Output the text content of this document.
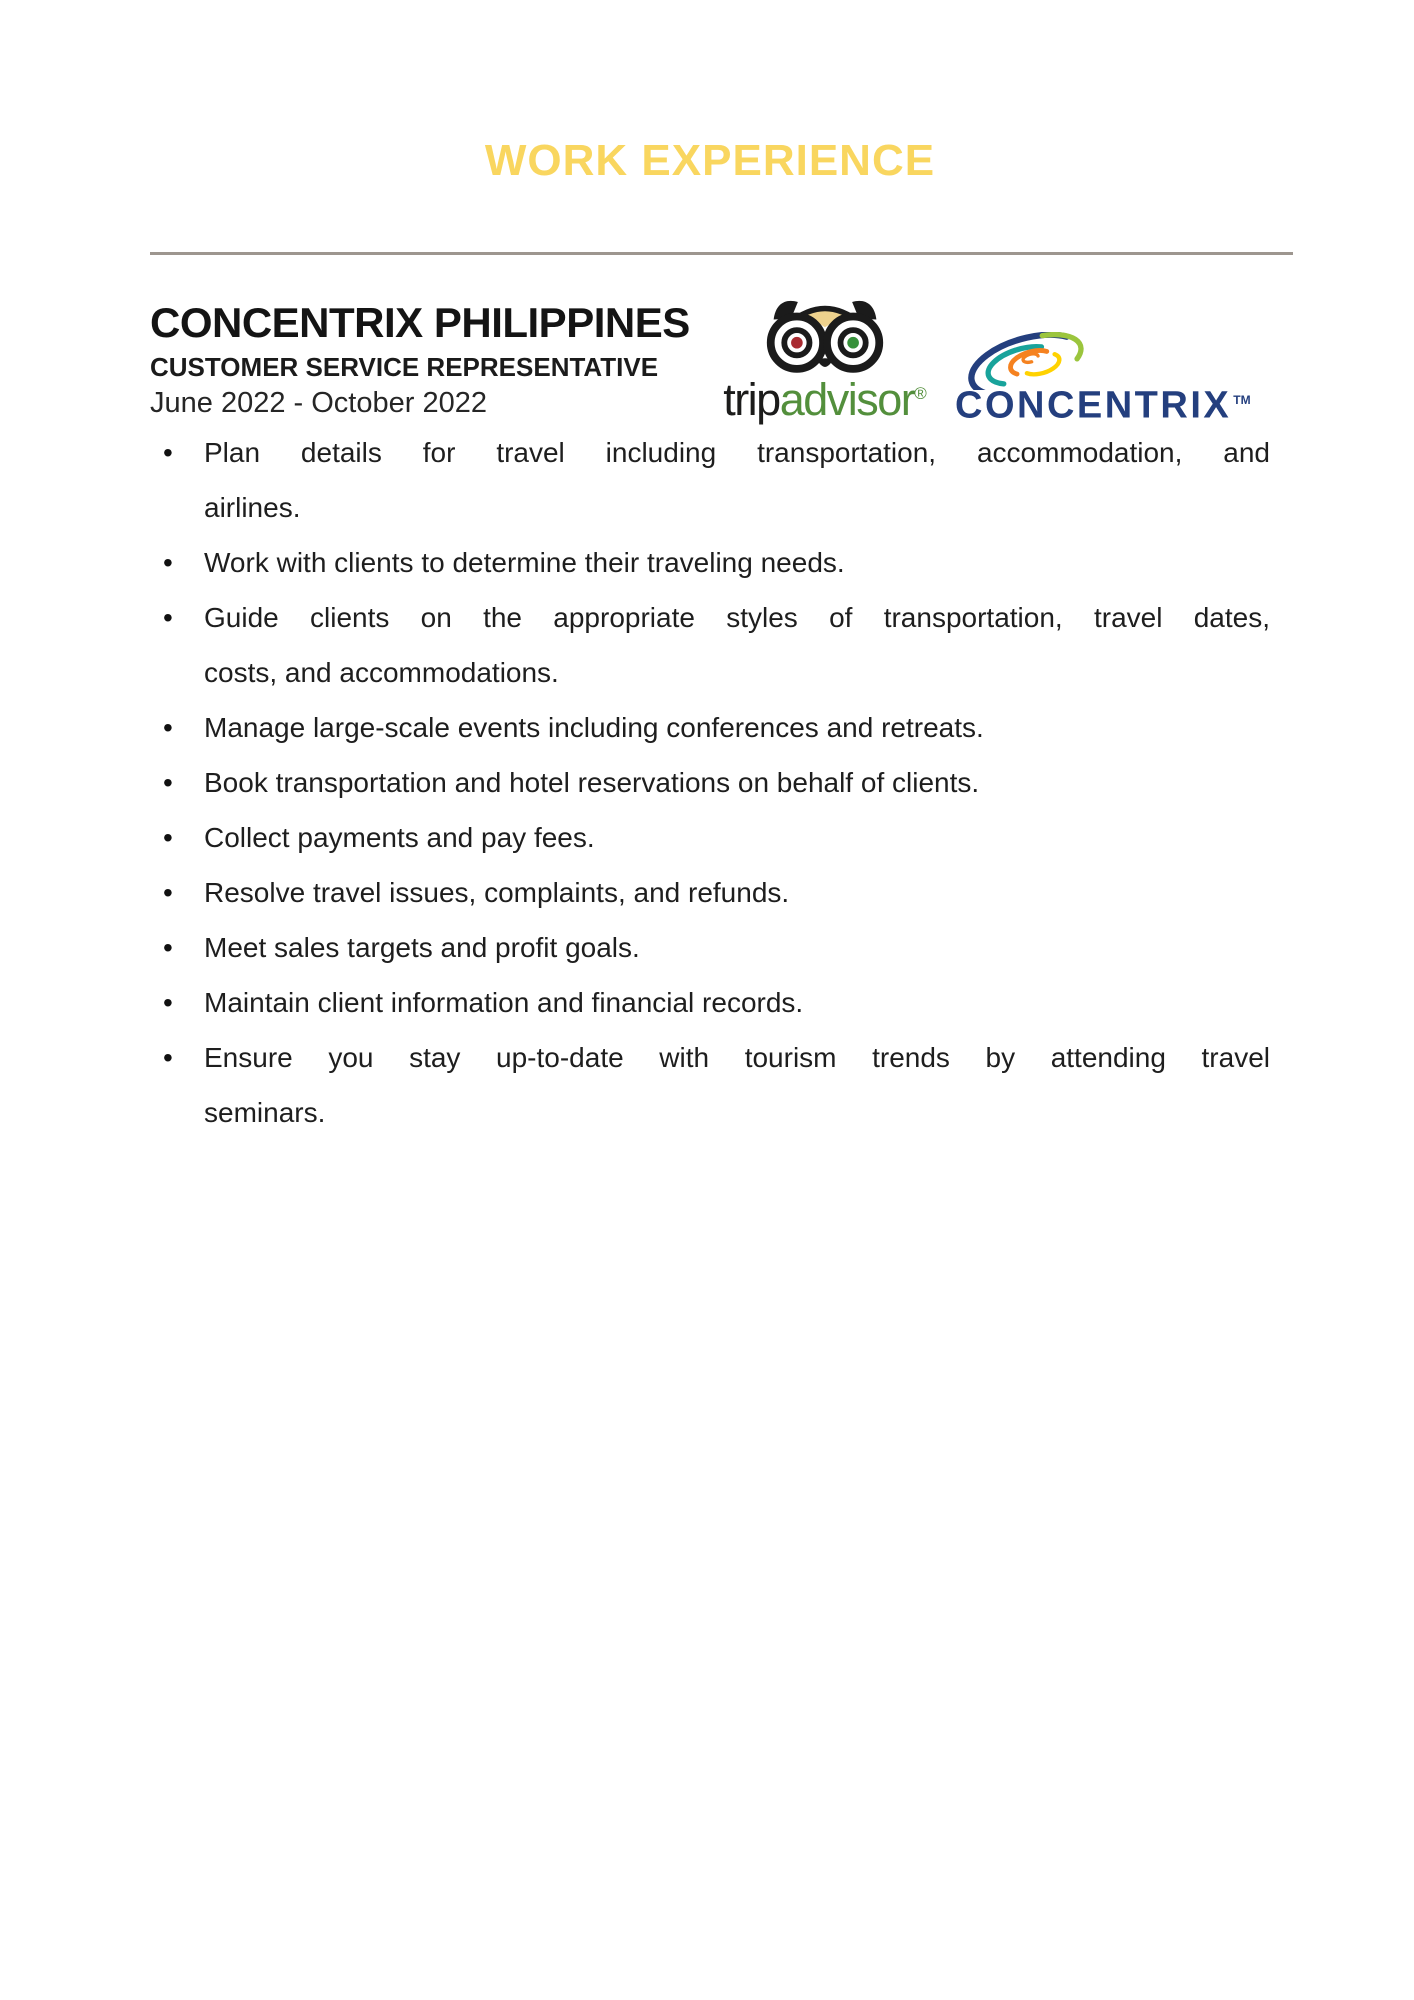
WORK EXPERIENCE
CONCENTRIX PHILIPPINES
CUSTOMER SERVICE REPRESENTATIVE
June 2022 - October 2022	tripadvisor® CONCENTRIX ™
•	Plan details for travel including transportation, accommodation, and
airlines.
•	Work with clients to determine their traveling needs.
•	Guide clients on the appropriate styles of transportation, travel dates,
costs, and accommodations.
•	Manage large-scale events including conferences and retreats.
•	Book transportation and hotel reservations on behalf of clients.
•	Collect payments and pay fees.
•	Resolve travel issues, complaints, and refunds.
•	Meet sales targets and profit goals.
•	Maintain client information and financial records.
•	Ensure you stay up-to-date with tourism trends by attending travel
seminars.
